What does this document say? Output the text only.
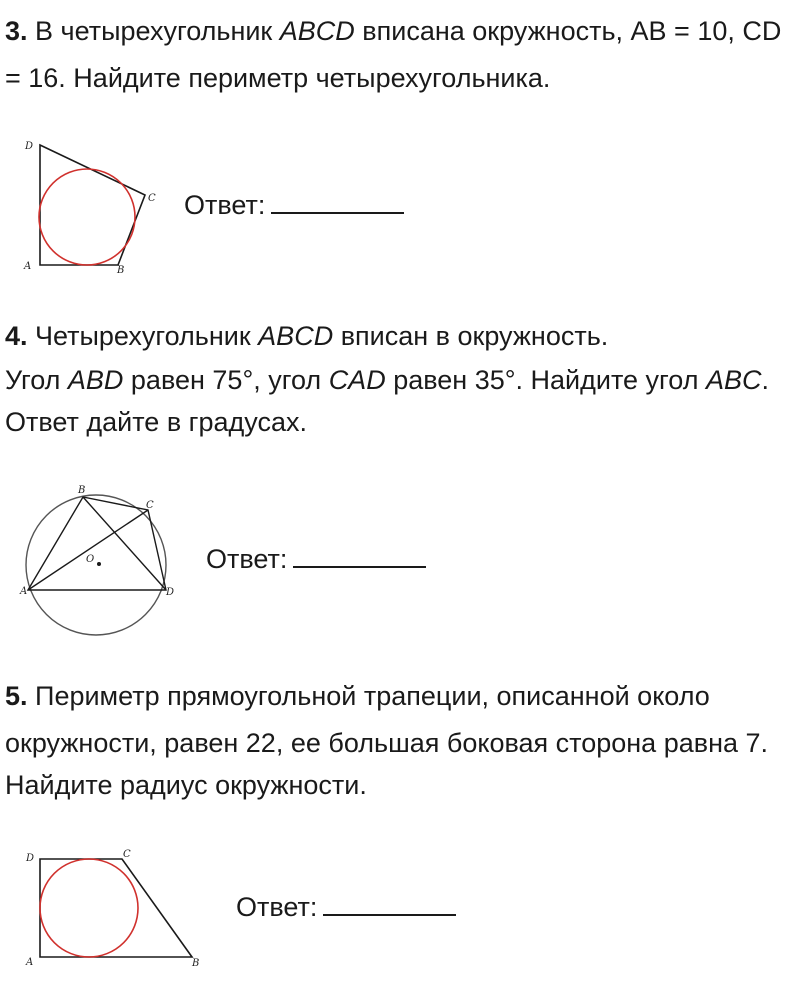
3. В четырехугольник ABCD вписана окружность, AB = 10, CD
= 16. Найдите периметр четырехугольника.
D
C
A	B
Ответ:
4. Четырехугольник ABCD вписан в окружность.
Угол ABD равен 75°, угол CAD равен 35°. Найдите угол ABC.
Ответ дайте в градусах.
O
B
C
A	D
Ответ:
5. Периметр прямоугольной трапеции, описанной около
окружности, равен 22, ее большая боковая сторона равна 7.
Найдите радиус окружности.
D	C
A	B
Ответ:
